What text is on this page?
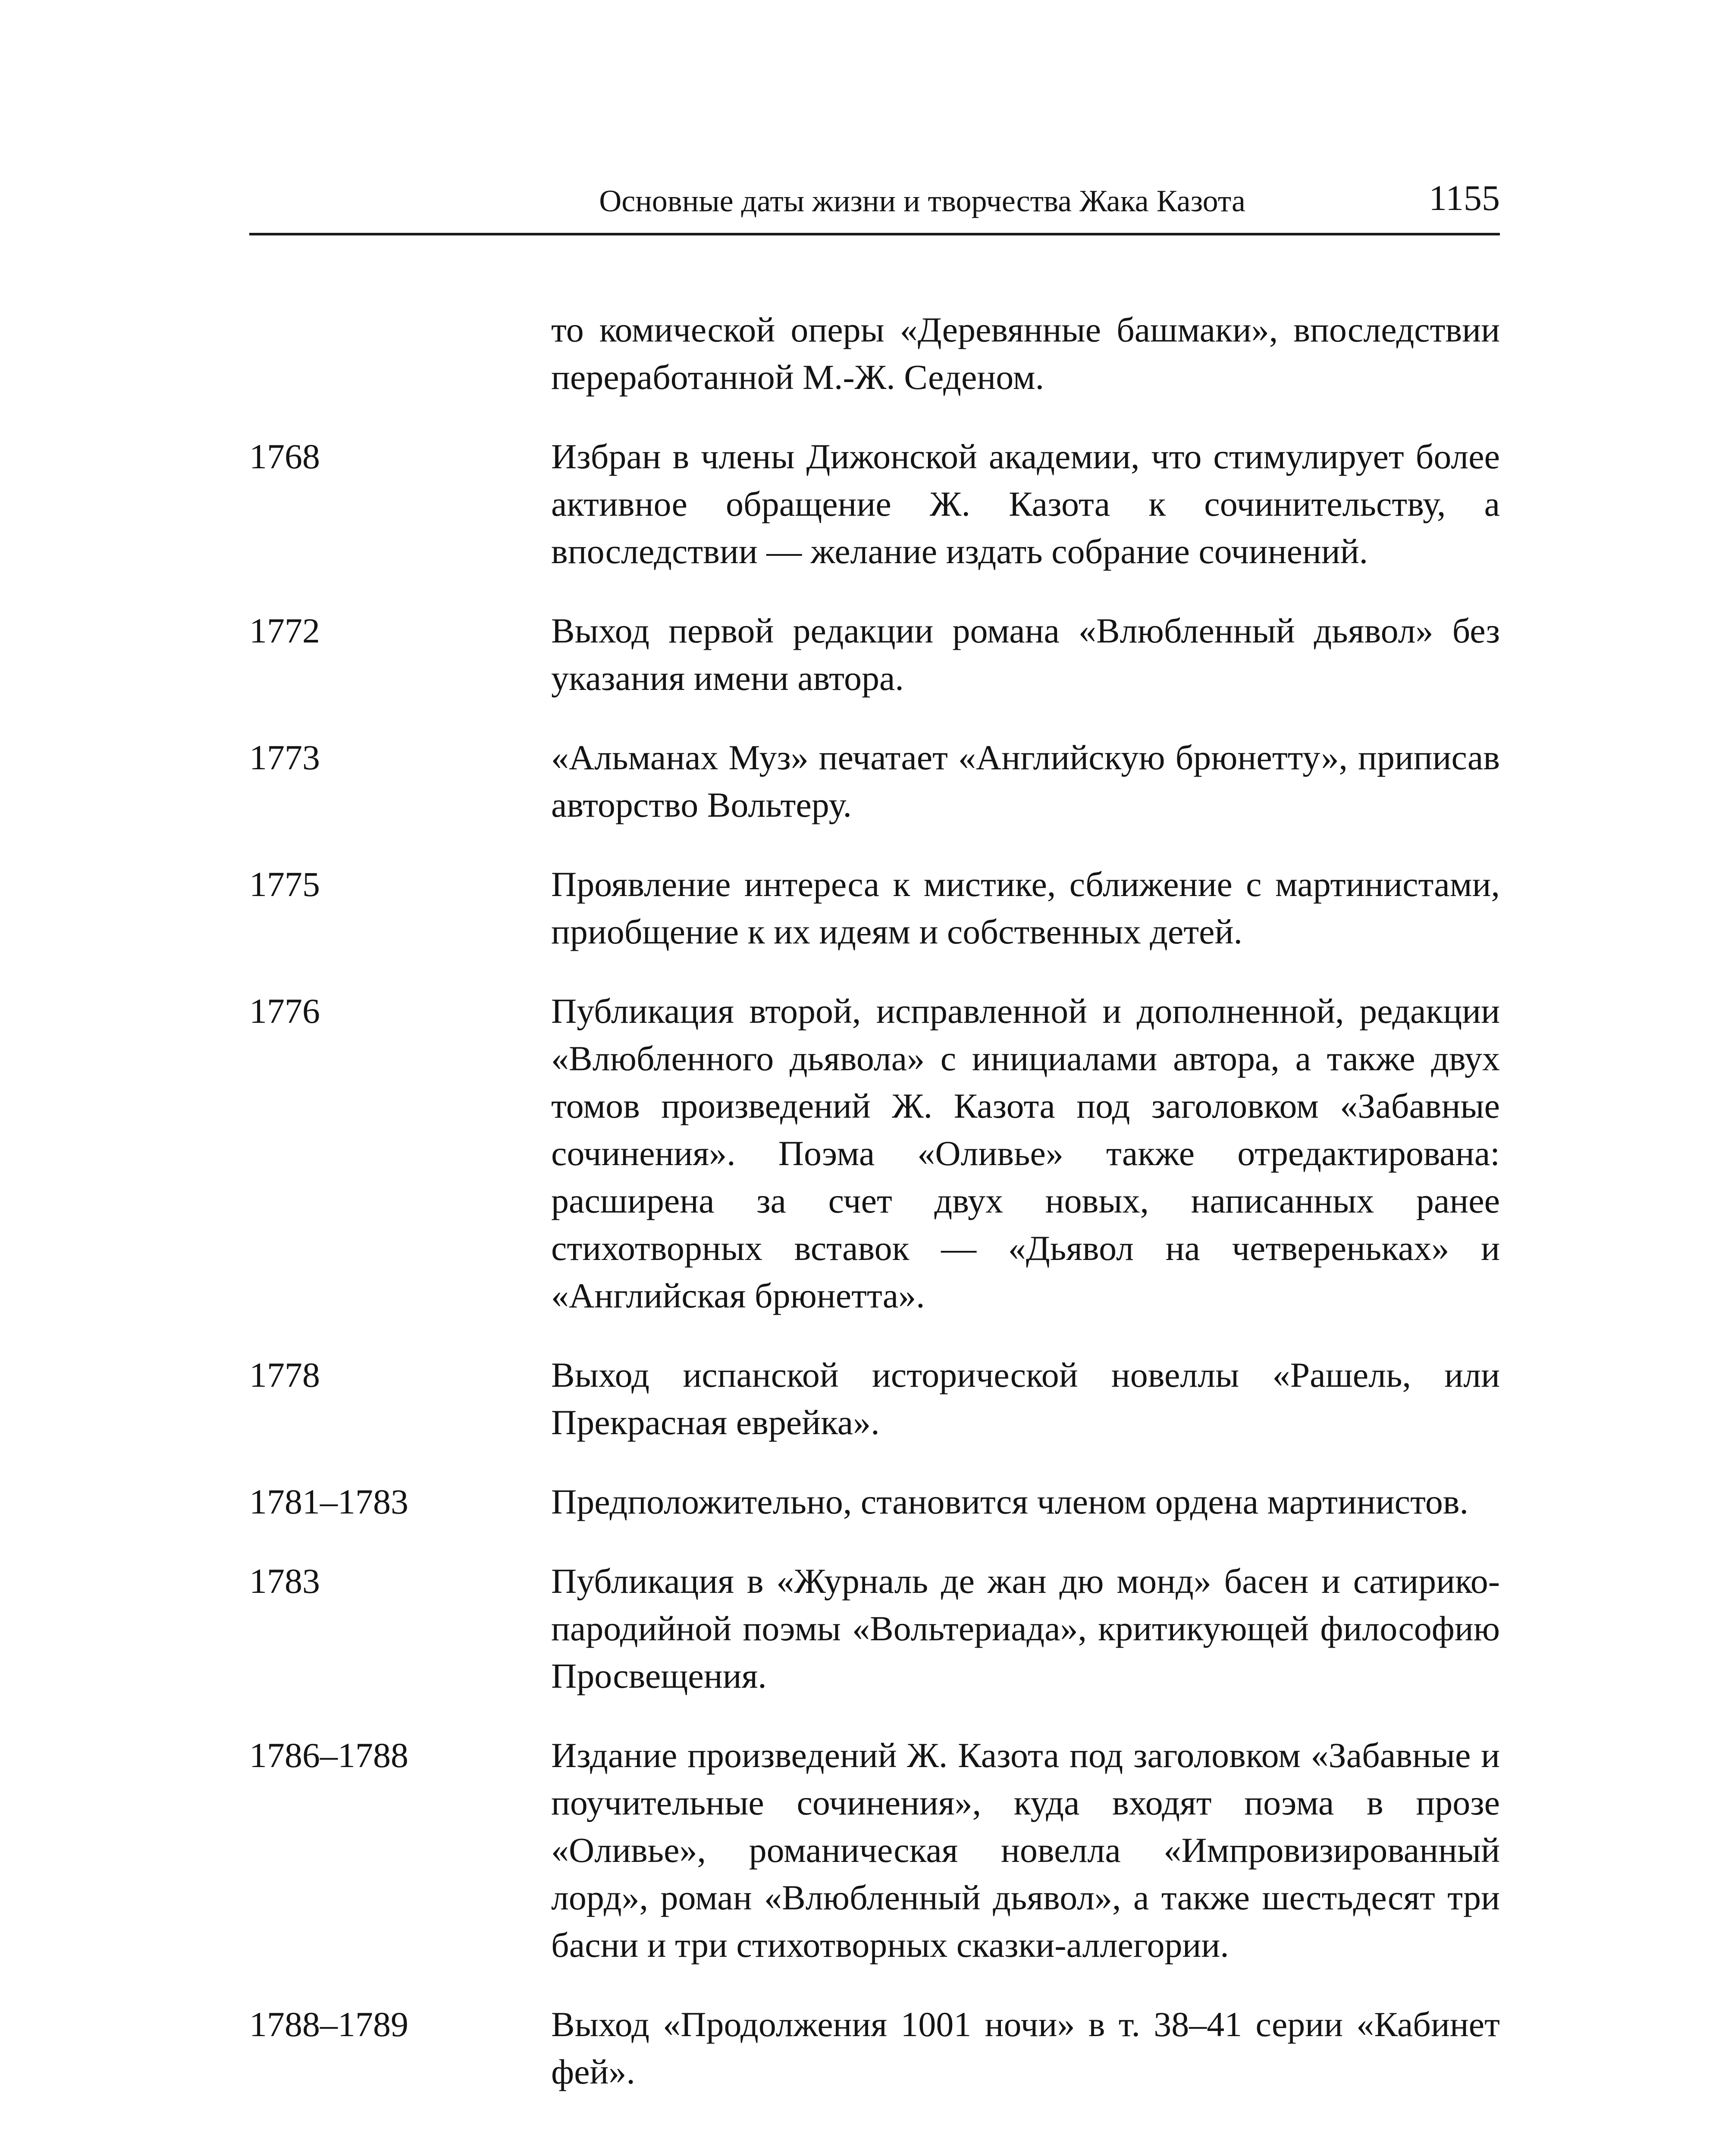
Основные даты жизни и творчества Жака Казота	1155
то комической оперы «Деревянные башмаки», впоследствии переработанной М.-Ж. Седеном.
1768	Избран в члены Дижонской академии, что стимулирует более активное обращение Ж. Казота к сочинительству, а впоследствии — желание издать собрание сочинений.
1772	Выход первой редакции романа «Влюбленный дьявол» без указания имени автора.
1773	«Альманах Муз» печатает «Английскую брюнетту», приписав авторство Вольтеру.
1775	Проявление интереса к мистике, сближение с мартинистами, приобщение к их идеям и собственных детей.
1776	Публикация второй, исправленной и дополненной, редакции «Влюбленного дьявола» с инициалами автора, а также двух томов произведений Ж. Казота под заголовком «Забавные сочинения». Поэма «Оливье» также отредактирована: расширена за счет двух новых, написанных ранее стихотворных вставок — «Дьявол на четвереньках» и «Английская брюнетта».
1778	Выход испанской исторической новеллы «Рашель, или Прекрасная еврейка».
1781–1783	Предположительно, становится членом ордена мартинистов.
1783	Публикация в «Журналь де жан дю монд» басен и сатирико-пародийной поэмы «Вольтериада», критикующей философию Просвещения.
1786–1788	Издание произведений Ж. Казота под заголовком «Забавные и поучительные сочинения», куда входят поэма в прозе «Оливье», романическая новелла «Импровизированный лорд», роман «Влюбленный дьявол», а также шестьдесят три басни и три стихотворных сказки-аллегории.
1788–1789	Выход «Продолжения 1001 ночи» в т. 38–41 серии «Кабинет фей».
